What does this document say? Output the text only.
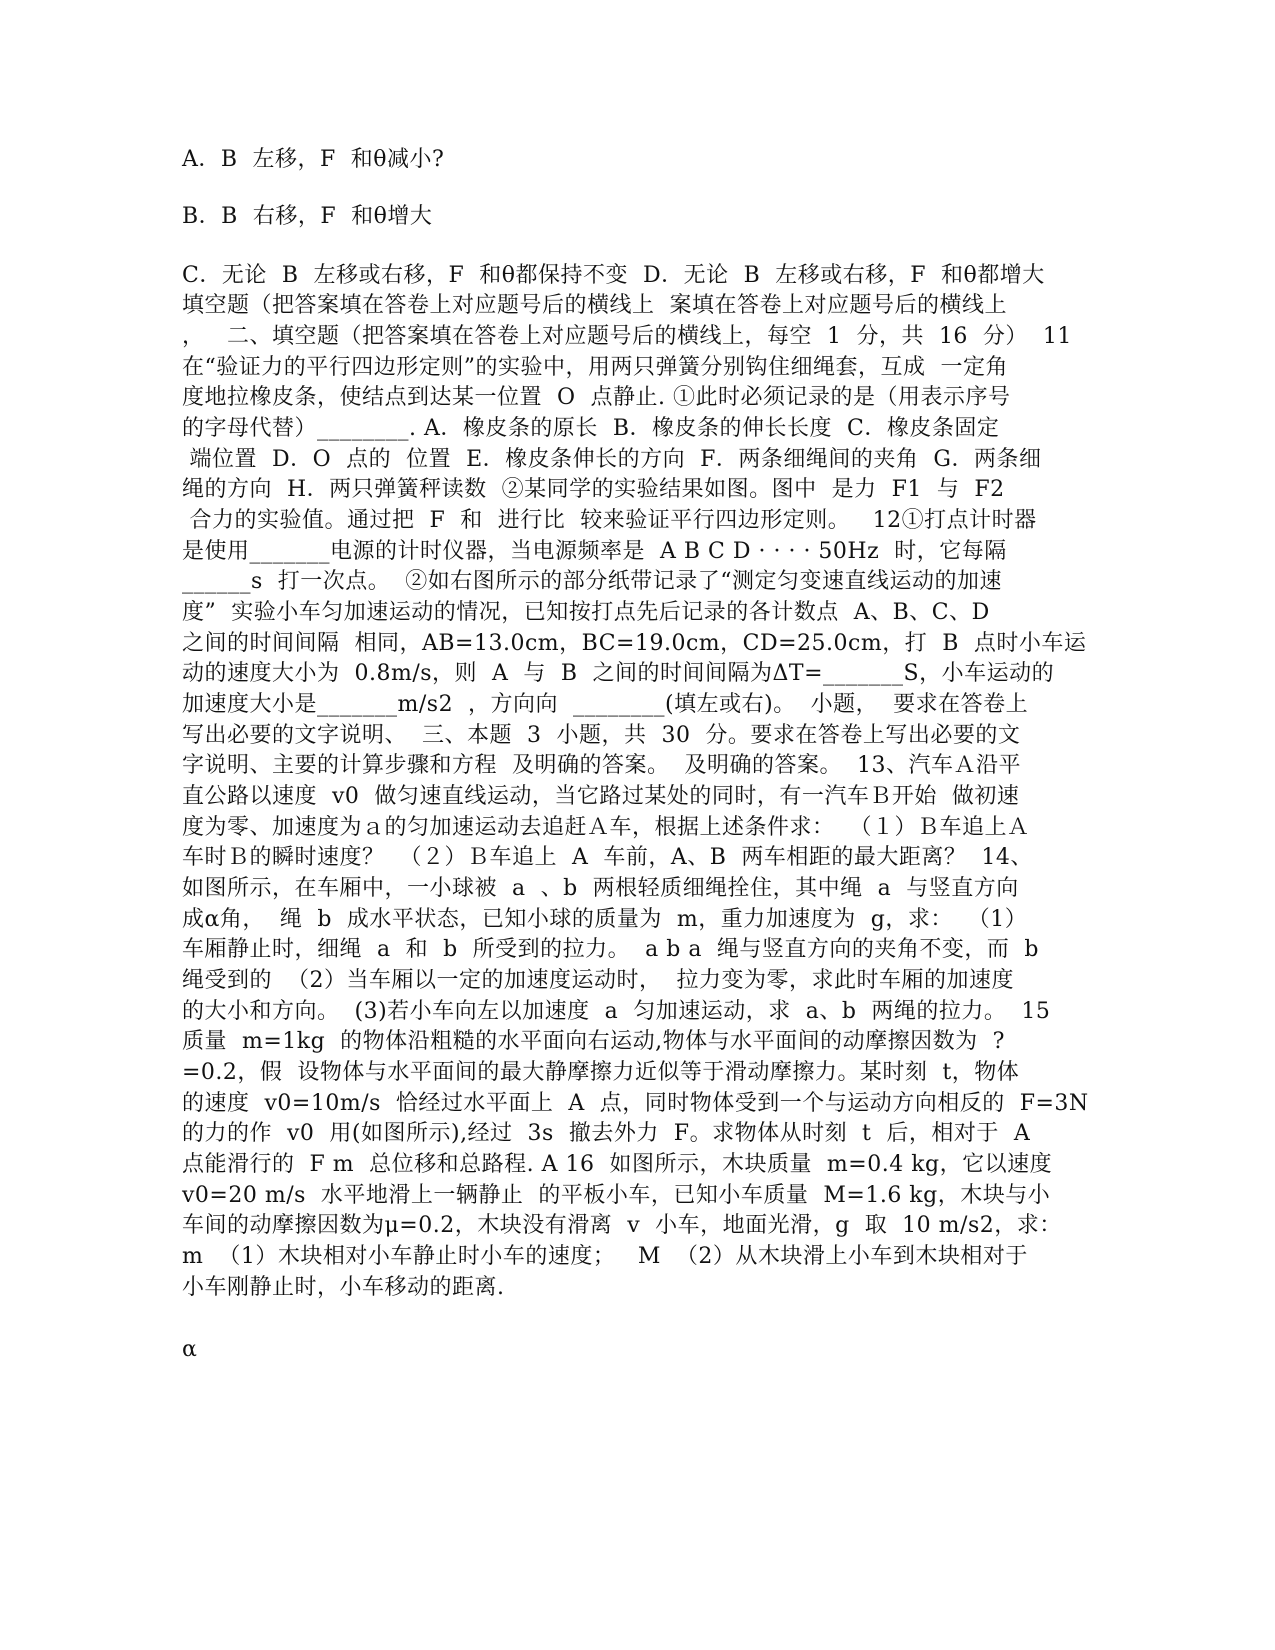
A．B  左移，F  和θ减小?
B．B  右移，F  和θ增大
C．无论  B  左移或右移，F  和θ都保持不变  D．无论  B  左移或右移，F  和θ都增大
填空题（把答案填在答卷上对应题号后的横线上  案填在答卷上对应题号后的横线上
，   二、填空题（把答案填在答卷上对应题号后的横线上，每空  1  分，共  16  分）  11
在“验证力的平行四边形定则”的实验中，用两只弹簧分别钩住细绳套，互成  一定角
度地拉橡皮条，使结点到达某一位置  O  点静止. ①此时必须记录的是（用表示序号
的字母代替）________. A．橡皮条的原长  B．橡皮条的伸长长度  C．橡皮条固定
端位置  D．O  点的  位置  E．橡皮条伸长的方向  F．两条细绳间的夹角  G．两条细
绳的方向  H．两只弹簧秤读数  ②某同学的实验结果如图。图中  是力  F1  与  F2
合力的实验值。通过把  F  和  进行比  较来验证平行四边形定则。   12①打点计时器
是使用_______电源的计时仪器，当电源频率是  A B C D · · · · 50Hz  时，它每隔
______s  打一次点。  ②如右图所示的部分纸带记录了“测定匀变速直线运动的加速
度”  实验小车匀加速运动的情况，已知按打点先后记录的各计数点  A、B、C、D
之间的时间间隔  相同，AB=13.0cm，BC=19.0cm，CD=25.0cm，打  B  点时小车运
动的速度大小为  0.8m/s，则  A  与  B  之间的时间间隔为ΔT=_______S，小车运动的
加速度大小是_______m/s2  ，方向向  ________(填左或右)。  小题，  要求在答卷上
写出必要的文字说明、  三、本题  3  小题，共  30  分。要求在答卷上写出必要的文
字说明、主要的计算步骤和方程  及明确的答案。  及明确的答案。  13、汽车Ａ沿平
直公路以速度  v0  做匀速直线运动，当它路过某处的同时，有一汽车Ｂ开始  做初速
度为零、加速度为ａ的匀加速运动去追赶Ａ车，根据上述条件求：  （１）Ｂ车追上Ａ
车时Ｂ的瞬时速度？  （２）Ｂ车追上  A  车前，A、B  两车相距的最大距离？  14、
如图所示，在车厢中，一小球被  a  、b  两根轻质细绳拴住，其中绳  a  与竖直方向
成α角，  绳  b  成水平状态，已知小球的质量为  m，重力加速度为  g，求：  （1）
车厢静止时，细绳  a  和  b  所受到的拉力。  a b a  绳与竖直方向的夹角不变，而  b
绳受到的  （2）当车厢以一定的加速度运动时，  拉力变为零，求此时车厢的加速度
的大小和方向。  (3)若小车向左以加速度  a  匀加速运动，求  a、b  两绳的拉力。  15
质量  m=1kg  的物体沿粗糙的水平面向右运动,物体与水平面间的动摩擦因数为  ?
=0.2，假  设物体与水平面间的最大静摩擦力近似等于滑动摩擦力。某时刻  t，物体
的速度  v0=10m/s  恰经过水平面上  A  点，同时物体受到一个与运动方向相反的  F=3N
的力的作  v0  用(如图所示),经过  3s  撤去外力  F。求物体从时刻  t  后，相对于  A
点能滑行的  F m  总位移和总路程. A 16  如图所示，木块质量  m=0.4 kg，它以速度
v0=20 m/s  水平地滑上一辆静止  的平板小车，已知小车质量  M=1.6 kg，木块与小
车间的动摩擦因数为μ=0.2，木块没有滑离  v  小车，地面光滑，g  取  10 m/s2，求：
m  （1）木块相对小车静止时小车的速度；   M  （2）从木块滑上小车到木块相对于
小车刚静止时，小车移动的距离.
α
